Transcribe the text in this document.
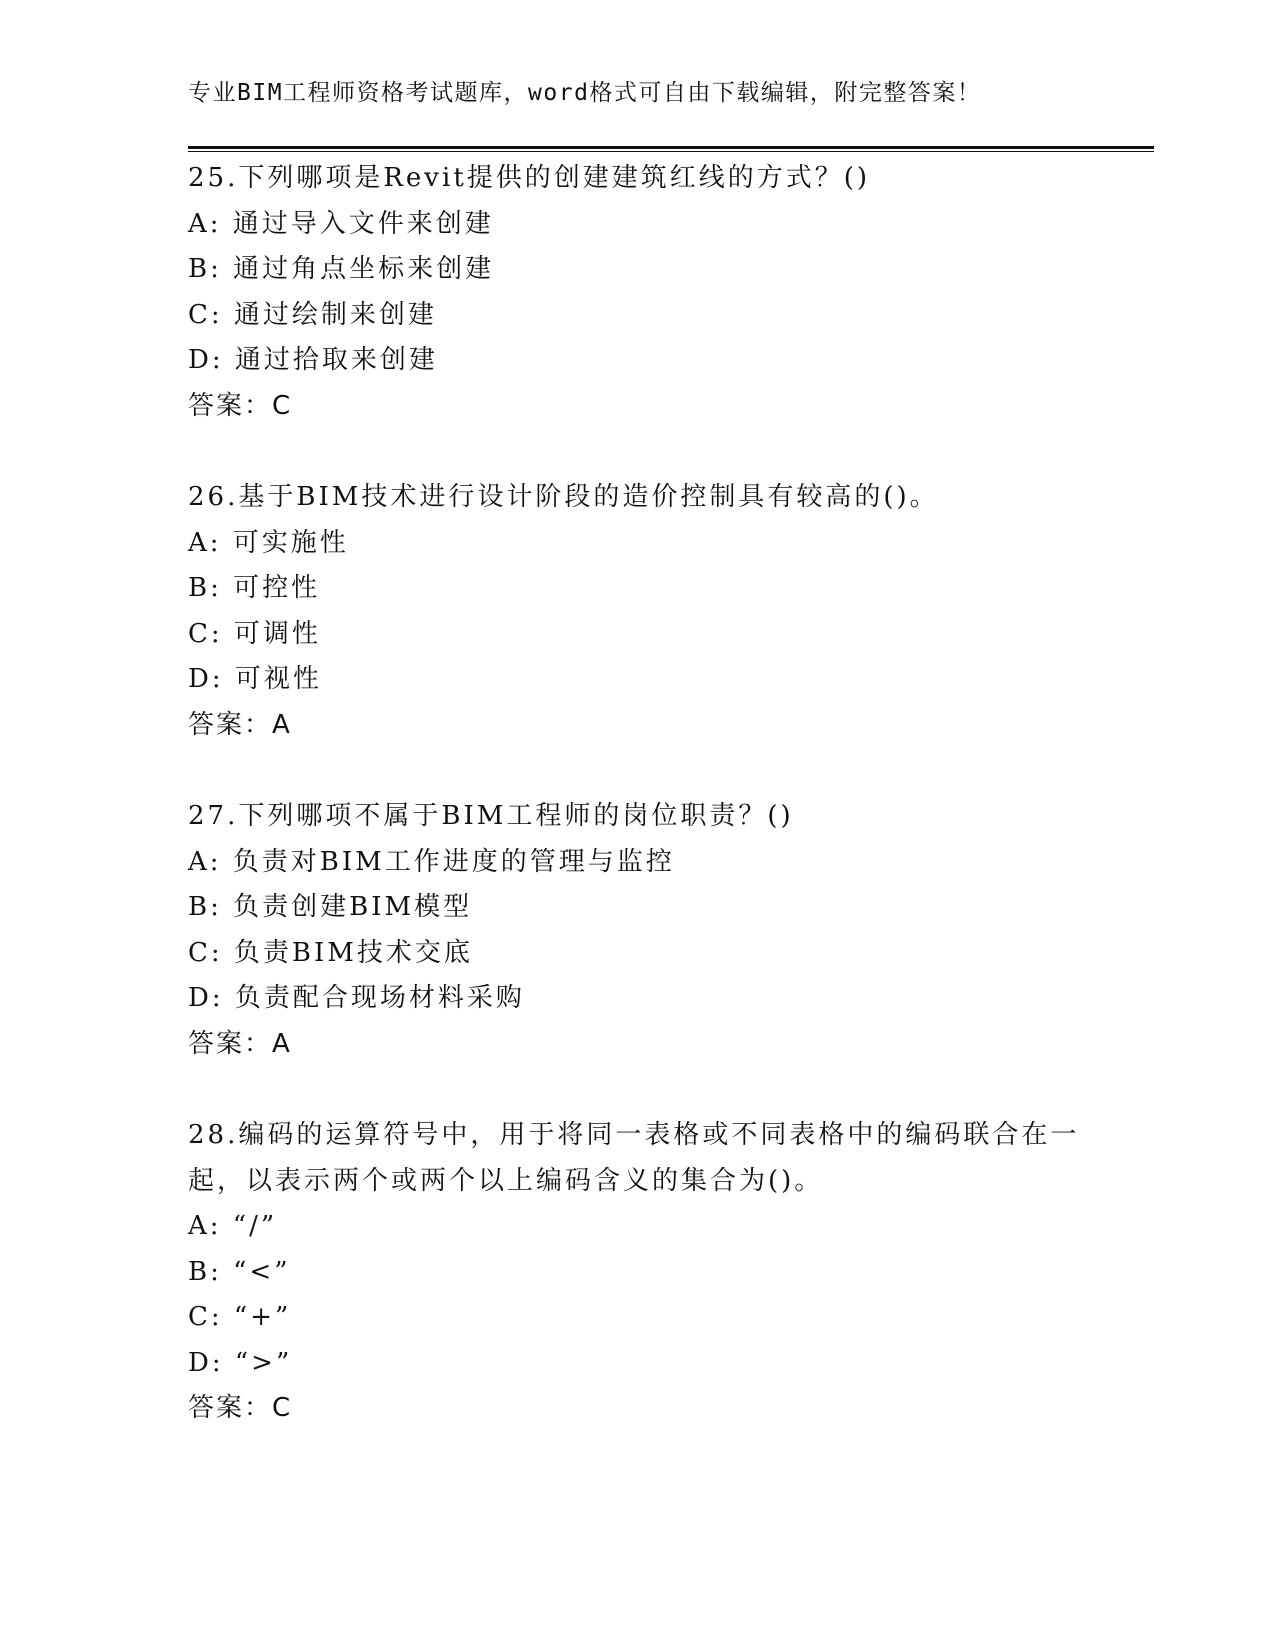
专业BIM工程师资格考试题库，word格式可自由下载编辑，附完整答案！
25.下列哪项是Revit提供的创建建筑红线的方式？()
A: 通过导入文件来创建
B: 通过角点坐标来创建
C: 通过绘制来创建
D: 通过拾取来创建
答案：C
26.基于BIM技术进行设计阶段的造价控制具有较高的()。
A: 可实施性
B: 可控性
C: 可调性
D: 可视性
答案：A
27.下列哪项不属于BIM工程师的岗位职责？()
A: 负责对BIM工作进度的管理与监控
B: 负责创建BIM模型
C: 负责BIM技术交底
D: 负责配合现场材料采购
答案：A
28.编码的运算符号中，用于将同一表格或不同表格中的编码联合在一
起，以表示两个或两个以上编码含义的集合为()。
A: “/”
B: “<”
C: “+”
D: “>”
答案：C
